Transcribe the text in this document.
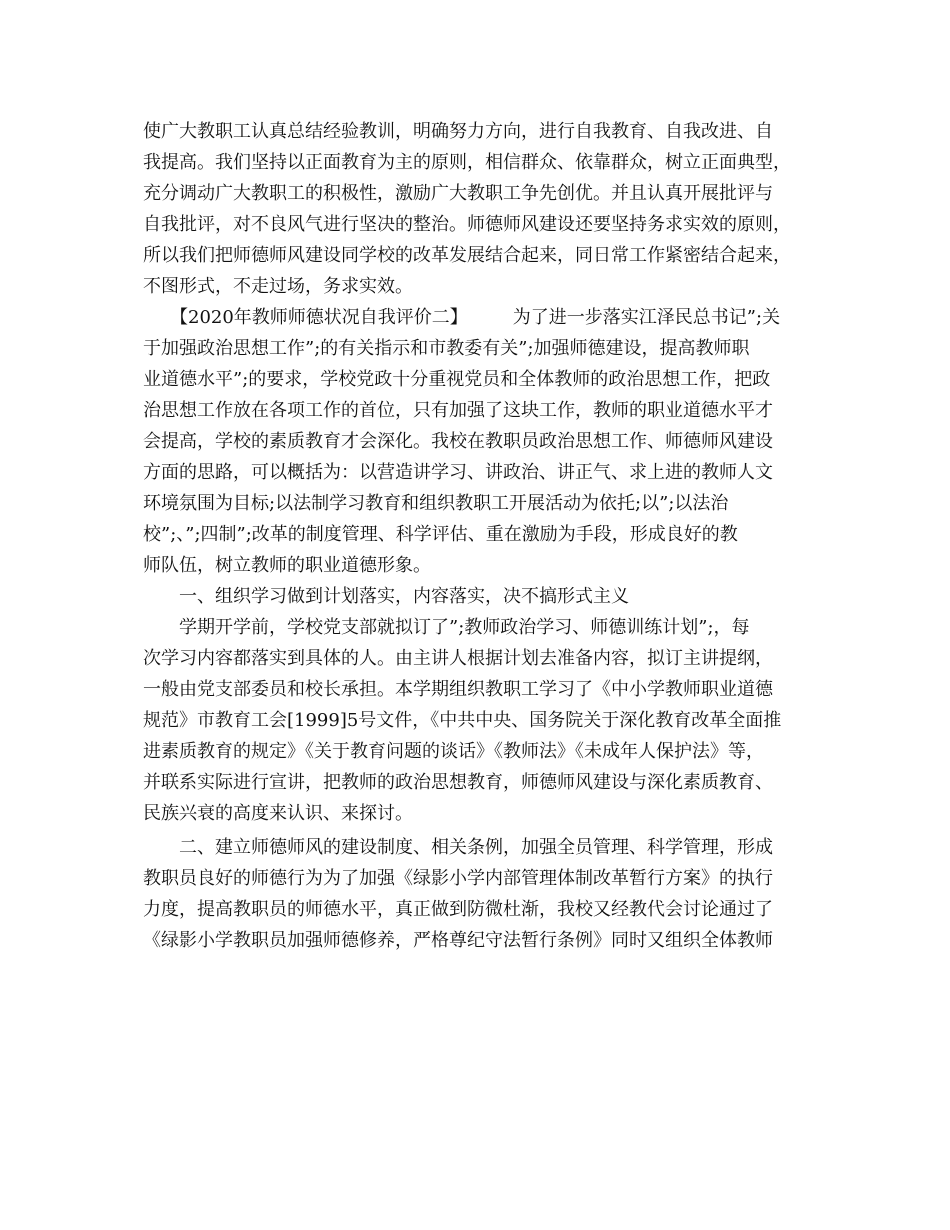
使广大教职工认真总结经验教训，明确努力方向，进行自我教育、自我改进、自
我提高。我们坚持以正面教育为主的原则，相信群众、依靠群众，树立正面典型，
充分调动广大教职工的积极性，激励广大教职工争先创优。并且认真开展批评与
自我批评，对不良风气进行坚决的整治。师德师风建设还要坚持务求实效的原则，
所以我们把师德师风建设同学校的改革发展结合起来，同日常工作紧密结合起来，
不图形式，不走过场，务求实效。
　　【2020年教师师德状况自我评价二】　　　为了进一步落实江泽民总书记”;关
于加强政治思想工作”;的有关指示和市教委有关”;加强师德建设，提高教师职
业道德水平”;的要求，学校党政十分重视党员和全体教师的政治思想工作，把政
治思想工作放在各项工作的首位，只有加强了这块工作，教师的职业道德水平才
会提高，学校的素质教育才会深化。我校在教职员政治思想工作、师德师风建设
方面的思路，可以概括为：以营造讲学习、讲政治、讲正气、求上进的教师人文
环境氛围为目标;以法制学习教育和组织教职工开展活动为依托;以”;以法治
校”;、”;四制”;改革的制度管理、科学评估、重在激励为手段，形成良好的教
师队伍，树立教师的职业道德形象。
　　一、组织学习做到计划落实，内容落实，决不搞形式主义
　　学期开学前，学校党支部就拟订了”;教师政治学习、师德训练计划”;，每
次学习内容都落实到具体的人。由主讲人根据计划去准备内容，拟订主讲提纲，
一般由党支部委员和校长承担。本学期组织教职工学习了《中小学教师职业道德
规范》市教育工会[1999]5号文件，《中共中央、国务院关于深化教育改革全面推
进素质教育的规定》《关于教育问题的谈话》《教师法》《未成年人保护法》等，
并联系实际进行宣讲，把教师的政治思想教育，师德师风建设与深化素质教育、
民族兴衰的高度来认识、来探讨。
　　二、建立师德师风的建设制度、相关条例，加强全员管理、科学管理，形成
教职员良好的师德行为为了加强《绿影小学内部管理体制改革暂行方案》的执行
力度，提高教职员的师德水平，真正做到防微杜渐，我校又经教代会讨论通过了
《绿影小学教职员加强师德修养，严格尊纪守法暂行条例》同时又组织全体教师
